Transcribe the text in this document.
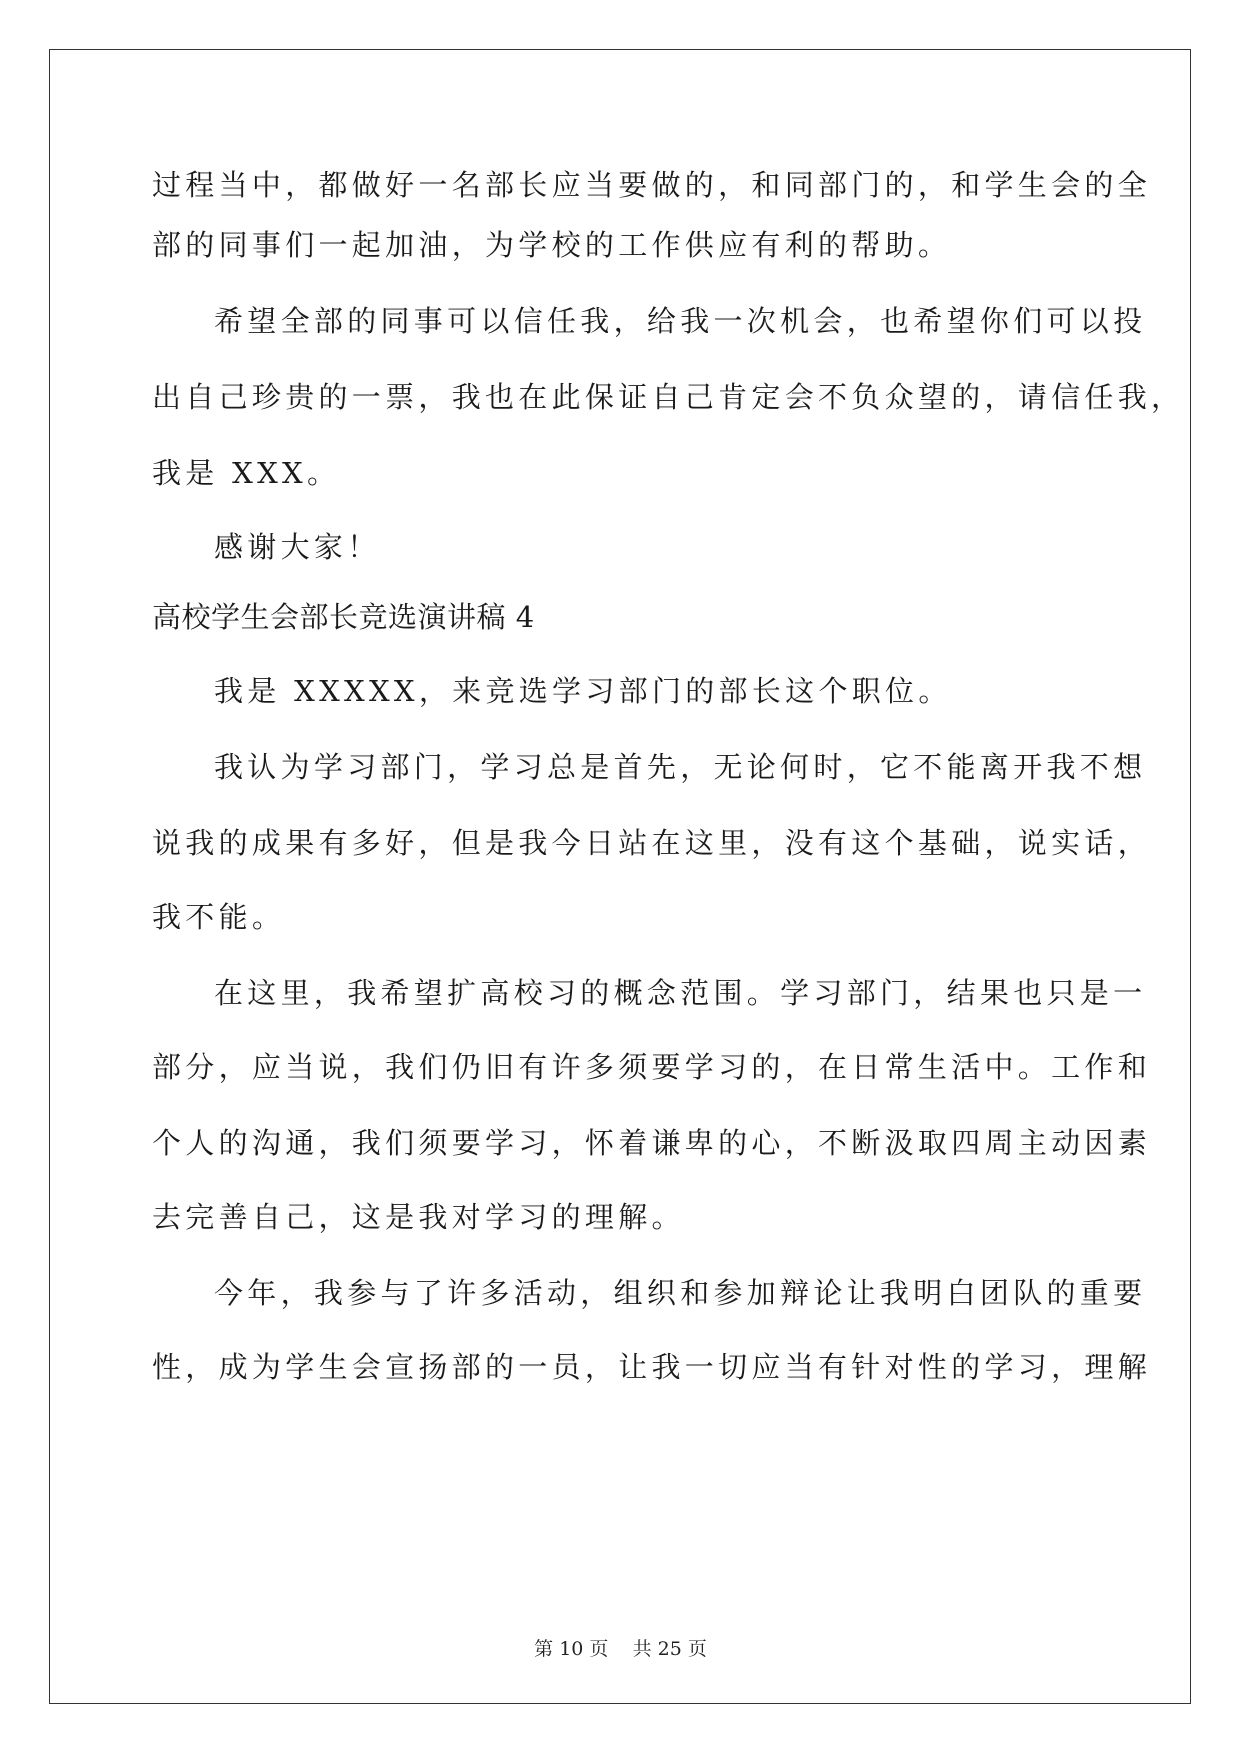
过程当中，都做好一名部长应当要做的，和同部门的，和学生会的全
部的同事们一起加油，为学校的工作供应有利的帮助。
希望全部的同事可以信任我，给我一次机会，也希望你们可以投
出自己珍贵的一票，我也在此保证自己肯定会不负众望的，请信任我，
我是 XXX。
感谢大家！
高校学生会部长竞选演讲稿 4
我是 XXXXX，来竞选学习部门的部长这个职位。
我认为学习部门，学习总是首先，无论何时，它不能离开我不想
说我的成果有多好，但是我今日站在这里，没有这个基础，说实话，
我不能。
在这里，我希望扩高校习的概念范围。学习部门，结果也只是一
部分，应当说，我们仍旧有许多须要学习的，在日常生活中。工作和
个人的沟通，我们须要学习，怀着谦卑的心，不断汲取四周主动因素
去完善自己，这是我对学习的理解。
今年，我参与了许多活动，组织和参加辩论让我明白团队的重要
性，成为学生会宣扬部的一员，让我一切应当有针对性的学习，理解
第 10 页    共 25 页
